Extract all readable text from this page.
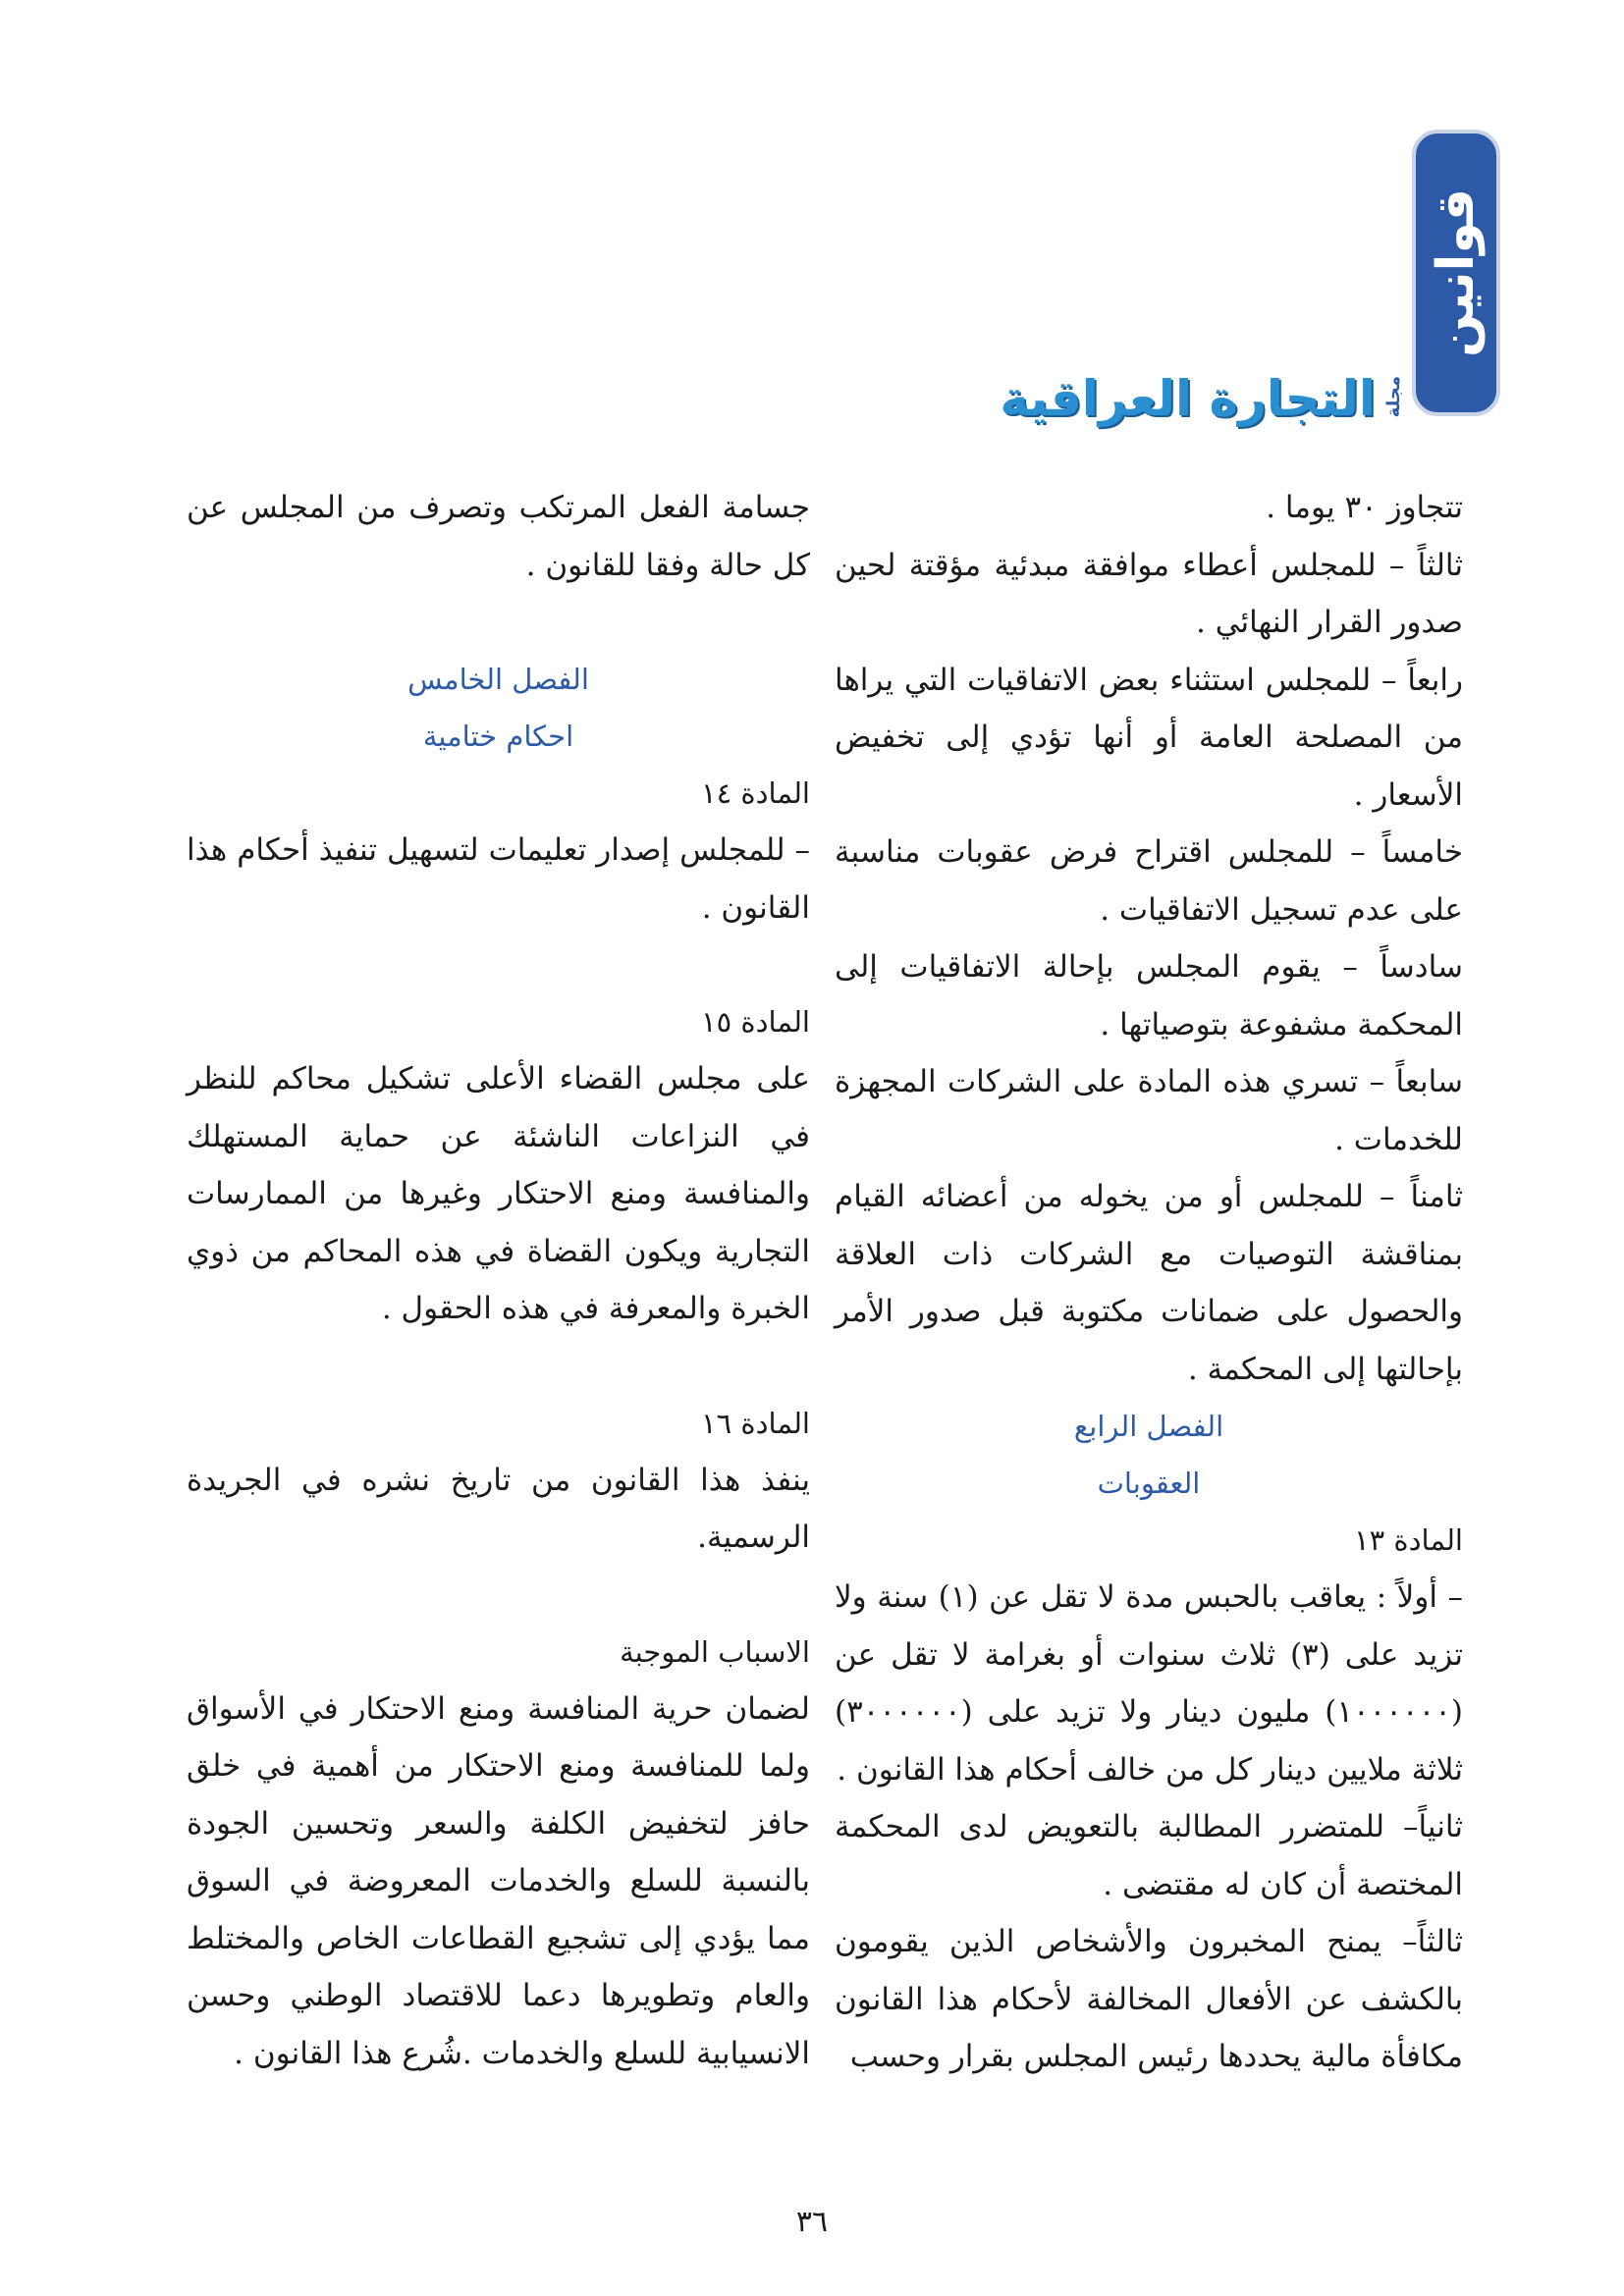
قوانين
مجلة
التجارة العراقية

تتجاوز ٣٠ يوما .

ثالثاً – للمجلس أعطاء موافقة مبدئية مؤقتة لحين صدور القرار النهائي .

رابعاً – للمجلس استثناء بعض الاتفاقيات التي يراها من المصلحة العامة أو أنها تؤدي إلى تخفيض الأسعار .

خامساً – للمجلس اقتراح فرض عقوبات مناسبة على عدم تسجيل الاتفاقيات .

سادساً – يقوم المجلس بإحالة الاتفاقيات إلى المحكمة مشفوعة بتوصياتها .

سابعاً – تسري هذه المادة على الشركات المجهزة للخدمات .

ثامناً – للمجلس أو من يخوله من أعضائه القيام بمناقشة التوصيات مع الشركات ذات العلاقة والحصول على ضمانات مكتوبة قبل صدور الأمر بإحالتها إلى المحكمة .

الفصل الرابع

العقوبات

المادة ١٣

– أولاً : يعاقب بالحبس مدة لا تقل عن (١) سنة ولا تزيد على (٣) ثلاث سنوات أو بغرامة لا تقل عن (١٠٠٠٠٠٠) مليون دينار ولا تزيد على (٣٠٠٠٠٠٠) ثلاثة ملايين دينار كل من خالف أحكام هذا القانون .

ثانياً– للمتضرر المطالبة بالتعويض لدى المحكمة المختصة أن كان له مقتضى .

ثالثاً– يمنح المخبرون والأشخاص الذين يقومون بالكشف عن الأفعال المخالفة لأحكام هذا القانون مكافأة مالية يحددها رئيس المجلس بقرار وحسب

جسامة الفعل المرتكب وتصرف من المجلس عن كل حالة وفقا للقانون .

الفصل الخامس

احكام ختامية

المادة ١٤

– للمجلس إصدار تعليمات لتسهيل تنفيذ أحكام هذا القانون .

المادة ١٥

على مجلس القضاء الأعلى تشكيل محاكم للنظر في النزاعات الناشئة عن حماية المستهلك والمنافسة ومنع الاحتكار وغيرها من الممارسات التجارية ويكون القضاة في هذه المحاكم من ذوي الخبرة والمعرفة في هذه الحقول .

المادة ١٦

ينفذ هذا القانون من تاريخ نشره في الجريدة الرسمية.

الاسباب الموجبة

لضمان حرية المنافسة ومنع الاحتكار في الأسواق ولما للمنافسة ومنع الاحتكار من أهمية في خلق حافز لتخفيض الكلفة والسعر وتحسين الجودة بالنسبة للسلع والخدمات المعروضة في السوق مما يؤدي إلى تشجيع القطاعات الخاص والمختلط والعام وتطويرها دعما للاقتصاد الوطني وحسن الانسيابية للسلع والخدمات .شُرع هذا القانون .

٣٦
